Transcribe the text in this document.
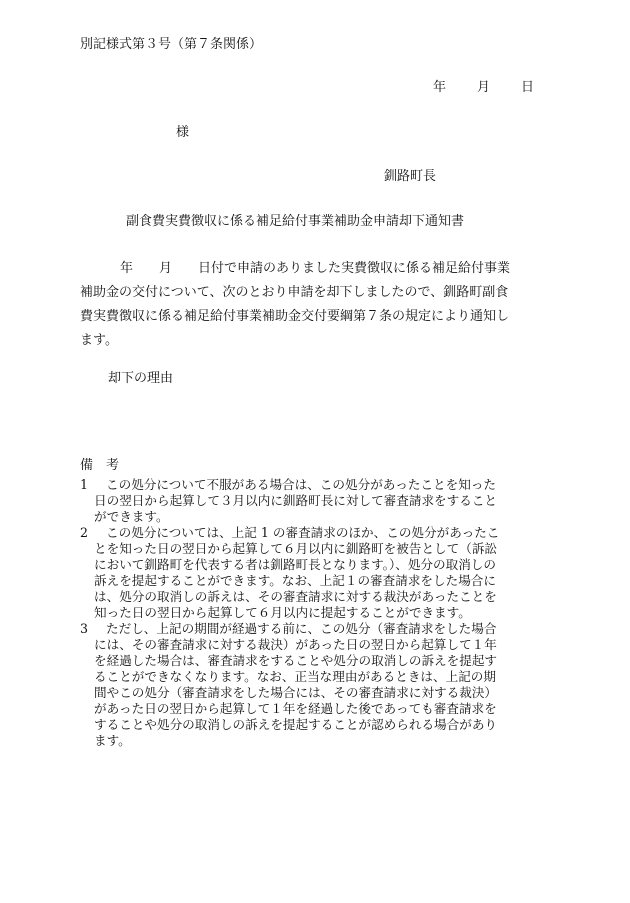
別記様式第３号（第７条関係）
年 月 日
様
釧路町長
副食費実費徴収に係る補足給付事業補助金申請却下通知書
年　　月　　日付で申請のありました実費徴収に係る補足給付事業
補助金の交付について、次のとおり申請を却下しましたので、釧路町副食
費実費徴収に係る補足給付事業補助金交付要綱第７条の規定により通知し
ます。
却下の理由
備　考
1	この処分について不服がある場合は、この処分があったことを知った
日の翌日から起算して３月以内に釧路町長に対して審査請求をすること
ができます。
2	この処分については、上記 1 の審査請求のほか、この処分があったこ
とを知った日の翌日から起算して６月以内に釧路町を被告として（訴訟
において釧路町を代表する者は釧路町長となります。）、処分の取消しの
訴えを提起することができます。なお、上記１の審査請求をした場合に
は、処分の取消しの訴えは、その審査請求に対する裁決があったことを
知った日の翌日から起算して６月以内に提起することができます。
3	ただし、上記の期間が経過する前に、この処分（審査請求をした場合
には、その審査請求に対する裁決）があった日の翌日から起算して１年
を経過した場合は、審査請求をすることや処分の取消しの訴えを提起す
ることができなくなります。なお、正当な理由があるときは、上記の期
間やこの処分（審査請求をした場合には、その審査請求に対する裁決）
があった日の翌日から起算して１年を経過した後であっても審査請求を
することや処分の取消しの訴えを提起することが認められる場合があり
ます。
